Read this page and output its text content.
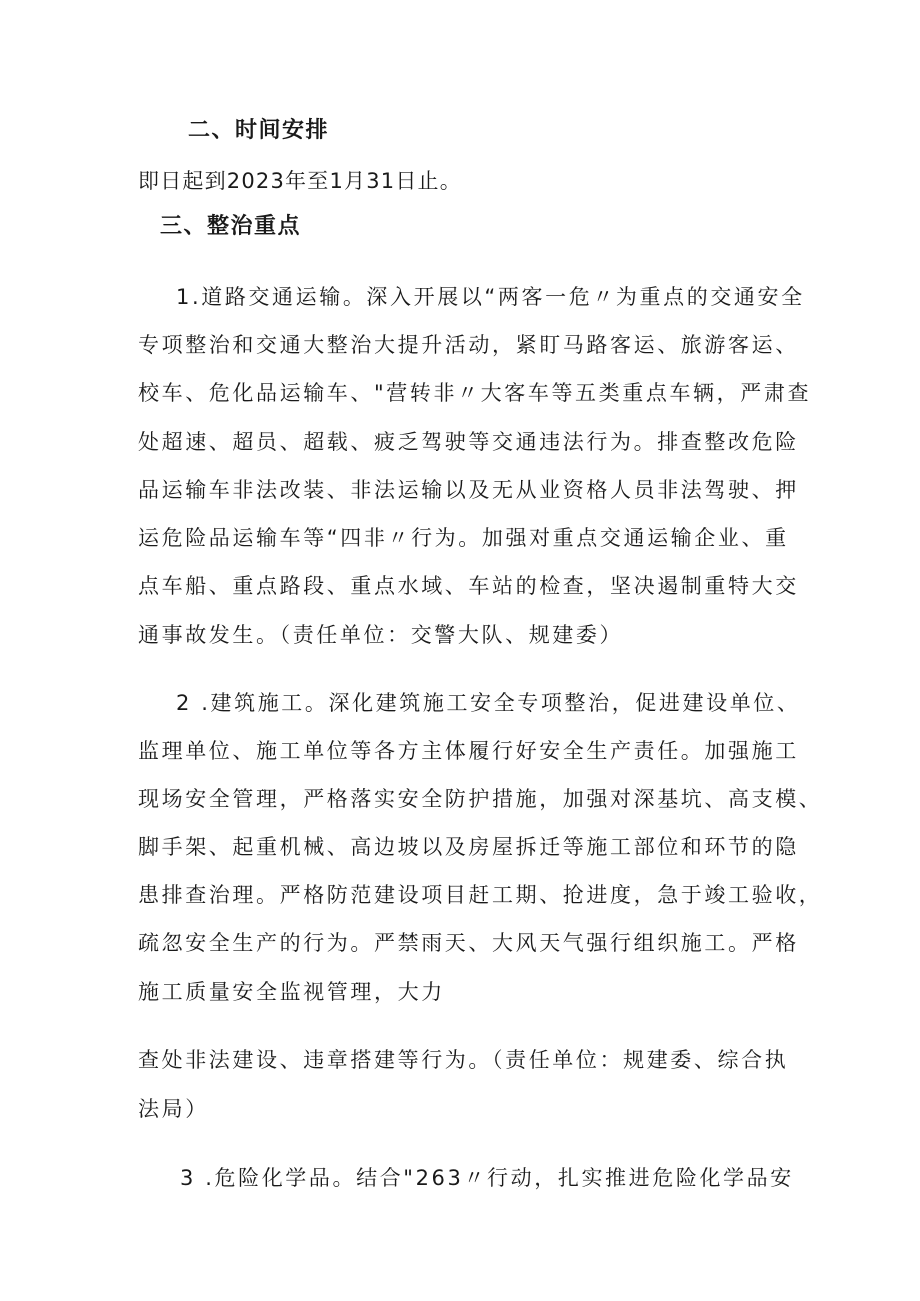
二、时间安排
即日起到2023年至1月31日止。
三、整治重点
1.道路交通运输。深入开展以“两客一危〃为重点的交通安全
专项整治和交通大整治大提升活动，紧盯马路客运、旅游客运、
校车、危化品运输车、"营转非〃大客车等五类重点车辆，严肃查
处超速、超员、超载、疲乏驾驶等交通违法行为。排查整改危险
品运输车非法改装、非法运输以及无从业资格人员非法驾驶、押
运危险品运输车等“四非〃行为。加强对重点交通运输企业、重
点车船、重点路段、重点水域、车站的检查，坚决遏制重特大交
通事故发生。（责任单位：交警大队、规建委）
2 .建筑施工。深化建筑施工安全专项整治，促进建设单位、
监理单位、施工单位等各方主体履行好安全生产责任。加强施工
现场安全管理，严格落实安全防护措施，加强对深基坑、高支模、
脚手架、起重机械、高边坡以及房屋拆迁等施工部位和环节的隐
患排查治理。严格防范建设项目赶工期、抢进度，急于竣工验收，
疏忽安全生产的行为。严禁雨天、大风天气强行组织施工。严格
施工质量安全监视管理，大力
查处非法建设、违章搭建等行为。（责任单位：规建委、综合执
法局）
3 .危险化学品。结合"263〃行动，扎实推进危险化学品安
